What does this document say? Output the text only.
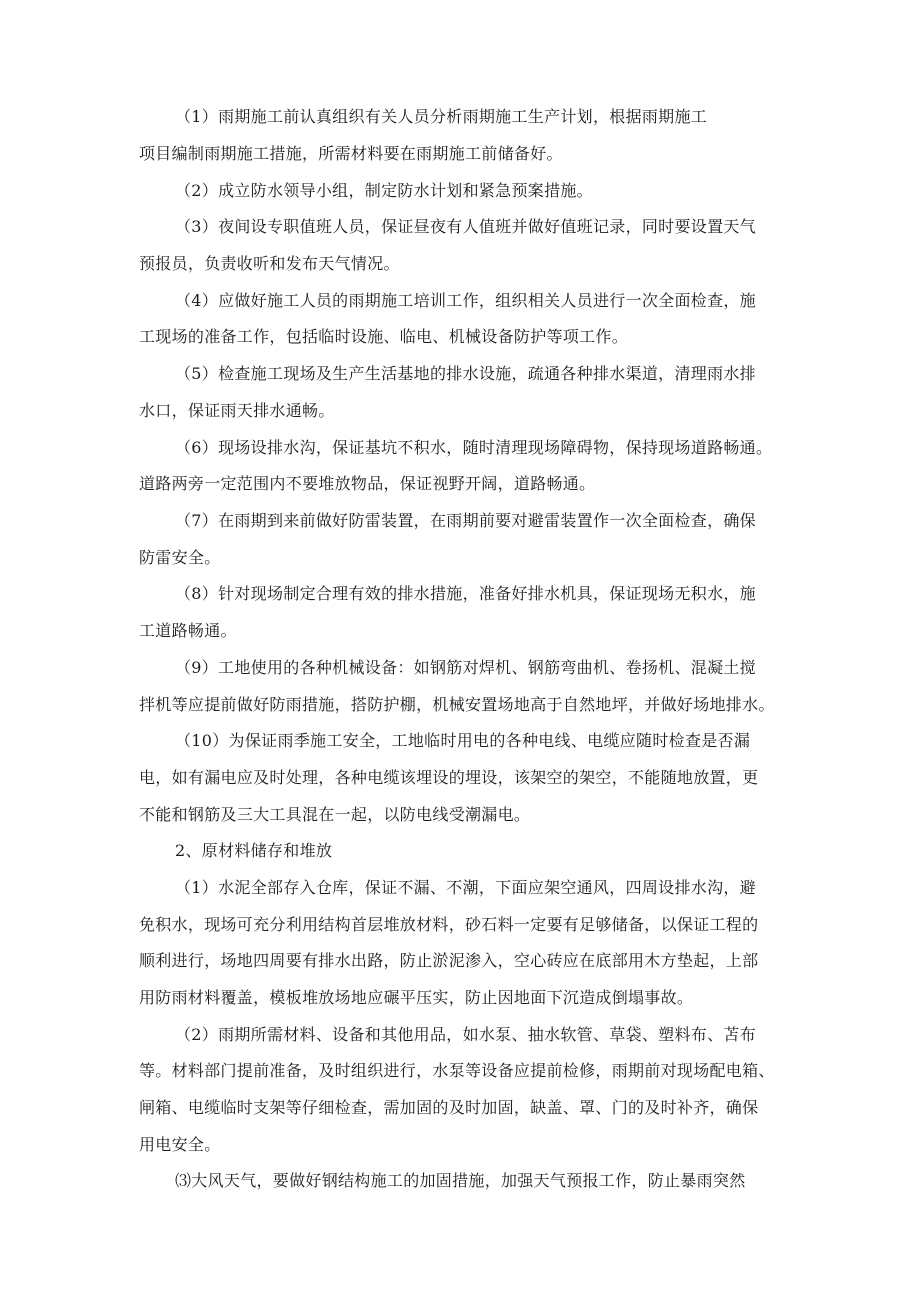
（1）雨期施工前认真组织有关人员分析雨期施工生产计划，根据雨期施工
项目编制雨期施工措施，所需材料要在雨期施工前储备好。
（2）成立防水领导小组，制定防水计划和紧急预案措施。
（3）夜间设专职值班人员，保证昼夜有人值班并做好值班记录，同时要设置天气
预报员，负责收听和发布天气情况。
（4）应做好施工人员的雨期施工培训工作，组织相关人员进行一次全面检查，施
工现场的准备工作，包括临时设施、临电、机械设备防护等项工作。
（5）检查施工现场及生产生活基地的排水设施，疏通各种排水渠道，清理雨水排
水口，保证雨天排水通畅。
（6）现场设排水沟，保证基坑不积水，随时清理现场障碍物，保持现场道路畅通。
道路两旁一定范围内不要堆放物品，保证视野开阔，道路畅通。
（7）在雨期到来前做好防雷装置，在雨期前要对避雷装置作一次全面检查，确保
防雷安全。
（8）针对现场制定合理有效的排水措施，准备好排水机具，保证现场无积水，施
工道路畅通。
（9）工地使用的各种机械设备：如钢筋对焊机、钢筋弯曲机、卷扬机、混凝土搅
拌机等应提前做好防雨措施，搭防护棚，机械安置场地高于自然地坪，并做好场地排水。
（10）为保证雨季施工安全，工地临时用电的各种电线、电缆应随时检查是否漏
电，如有漏电应及时处理，各种电缆该埋设的埋设，该架空的架空，不能随地放置，更
不能和钢筋及三大工具混在一起，以防电线受潮漏电。
2、原材料储存和堆放
（1）水泥全部存入仓库，保证不漏、不潮，下面应架空通风，四周设排水沟，避
免积水，现场可充分利用结构首层堆放材料，砂石料一定要有足够储备，以保证工程的
顺利进行，场地四周要有排水出路，防止淤泥渗入，空心砖应在底部用木方垫起，上部
用防雨材料覆盖，模板堆放场地应碾平压实，防止因地面下沉造成倒塌事故。
（2）雨期所需材料、设备和其他用品，如水泵、抽水软管、草袋、塑料布、苫布
等。材料部门提前准备，及时组织进行，水泵等设备应提前检修，雨期前对现场配电箱、
闸箱、电缆临时支架等仔细检查，需加固的及时加固，缺盖、罩、门的及时补齐，确保
用电安全。
⑶大风天气，要做好钢结构施工的加固措施，加强天气预报工作，防止暴雨突然
